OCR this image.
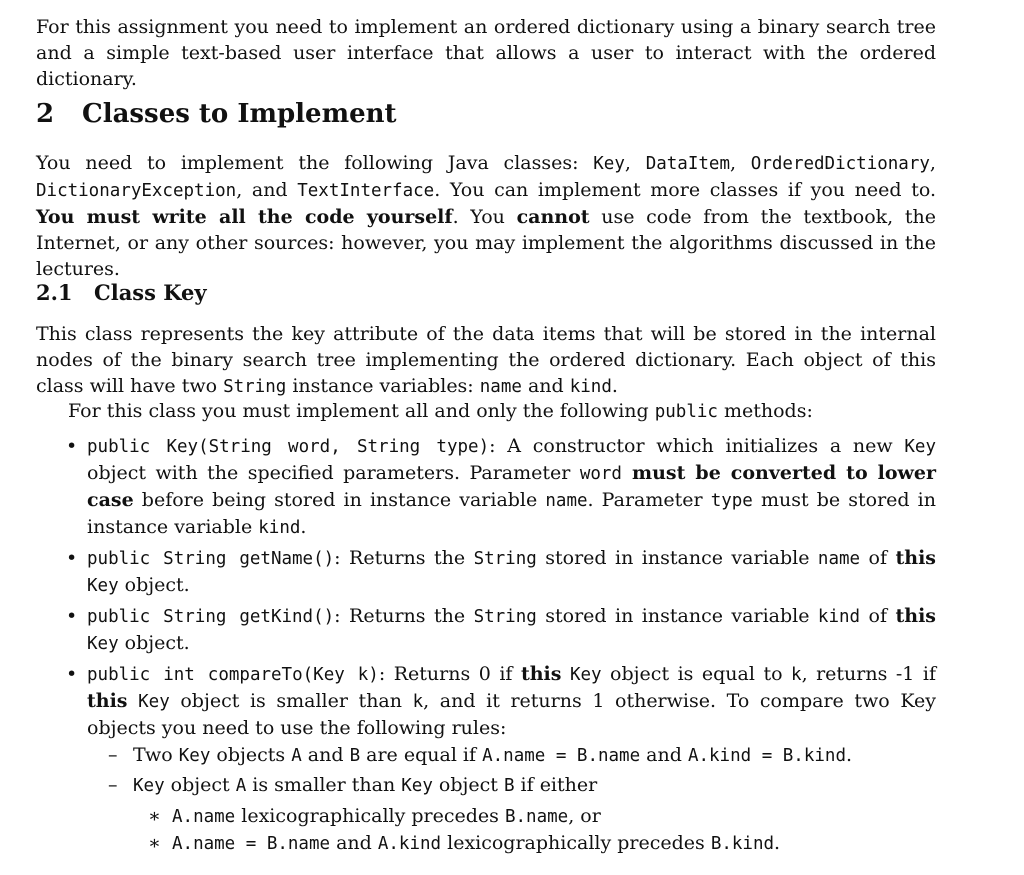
For this assignment you need to implement an ordered dictionary using a binary search tree and a simple text-based user interface that allows a user to interact with the ordered dictionary.

2 Classes to Implement

You need to implement the following Java classes: Key, DataItem, OrderedDictionary, DictionaryException, and TextInterface. You can implement more classes if you need to. You must write all the code yourself. You cannot use code from the textbook, the Internet, or any other sources: however, you may implement the algorithms discussed in the lectures.

2.1 Class Key

This class represents the key attribute of the data items that will be stored in the internal nodes of the binary search tree implementing the ordered dictionary. Each object of this class will have two String instance variables: name and kind.

For this class you must implement all and only the following public methods:

• public Key(String word, String type): A constructor which initializes a new Key object with the specified parameters. Parameter word must be converted to lower case before being stored in instance variable name. Parameter type must be stored in instance variable kind.
• public String getName(): Returns the String stored in instance variable name of this Key object.
• public String getKind(): Returns the String stored in instance variable kind of this Key object.
• public int compareTo(Key k): Returns 0 if this Key object is equal to k, returns -1 if this Key object is smaller than k, and it returns 1 otherwise. To compare two Key objects you need to use the following rules:
– Two Key objects A and B are equal if A.name = B.name and A.kind = B.kind.
– Key object A is smaller than Key object B if either
∗ A.name lexicographically precedes B.name, or
∗ A.name = B.name and A.kind lexicographically precedes B.kind.
